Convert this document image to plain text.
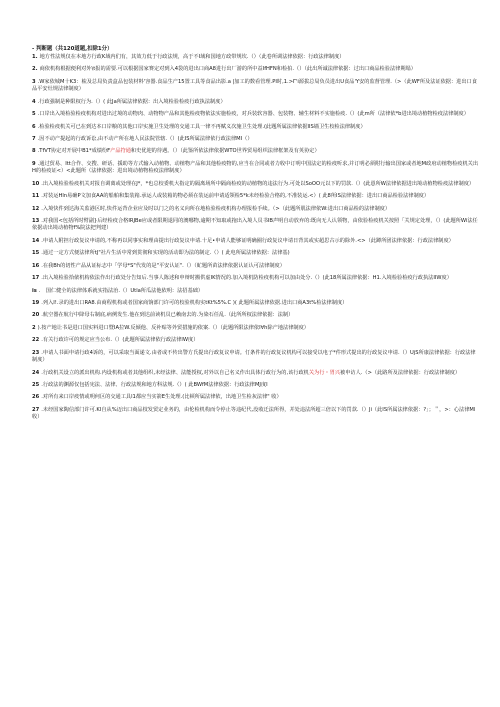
- 判断题（共120道题,扣除1分）
1. 地方性法规仅在本地方行政K域内们有，其效力低于行政法规，高于不I域和国地方政带规坎.（）（此卷所调法律依据：行政法律制度）
2. 商依机构根据便利对外\t报的需要.可以根据国家赛定对到入4袋的进出口商A8进行出厂游的所中益IfHFN和检拍.（）（此出所诚法律依据：过出口商品检验法律期塌）
3 .W家依城M十K3：梳及总局负责盒品包装材料'容器.食品生产15置工具等食品出影.a |加工的数看管理.PI时,1.>Γ'i源拔总局负员进出U食品'Y安的监督管理.（>（此WF所及法证依据：进出口食品平安灶规法律制度）
4 .行政强制是种限权行为.（）( 此Ja所属法律依据：出入境检验检疫行政执法制度）
5 .口岸出入境检验检疫机构对进出过境的动物肉、动物物产品和其他检疫物依法实施检疫，对兵装软容器、包装物、辅生材料不实施检疫.（）(此m所（法律依*b进出境动植物检疫法律制度）
6 .检验检疫机关可已在到达本口岸粮的其他口岸实施卫生处理的交通工具一律不再赋义次施卫生处理.(此题所属法律依据lIS墙卫生校检法律制度）
7 .因不动产提起的行政诉讼,由不动产所在地人民法院管辖.（）(此IS所属法律依行政法律MI（）
8 .TfVT协定对开展中B1*成绩纷F产品符通和史优迎的待遇。（）（此鉴所依法律依据WTO世界贸易组织法律框架及有英协定）
9 .通过贸易、Itt合作、交搜、研话、援助等方式输入动植物、动植物产品和其他检疫物的,应当在合同或者力收中订明中国法定的检疫听求,并订明必须附行输出国家或者地M政府动植物检疫机关出H的检疫证<）<此题所（法律依据：进出境动植物检疫法律制度）
10 .出入境检验检疫机关对报自调离或处理在J*，*也总校委机大指定的隔离场所中隔商检疫的动植物的违法行为.可处以SoOO元以下的罚款.（）(此恿所W法律依据进出境动植物检疫法律制度）
11 .对装运Hln易确P文加食AA的船舶和集装箱.承运人或装箱的物必须在装运前申请适领检5*k未经检验合格的,不准装运.<）( 此8所IS法律依据：进出口商品检验法律制度）
12 .入境快件到达海关监港区时,快件运背企业应及时以门之的名义向所在地检验检疫机构办理报检手续。（>（此题所肌法律依W:进出口商品检的法律制度）
13 .对我国<包括所时臂副}后经检疫合格IRJBe应或者限期退同的澳哪物,逾期不知取或拖出入境人员书IB声明自动放弃的:既向无人认领物，由依验检疫机关按照「关规定处理，（）(此题所Wi法任依据动出境动植物f%院法把判建）
14 .申请人附担行政复议申请的,不称再以同事实和理由提出行政复议申请.十足•申请人能够证明确圈行政复议申请日背其或实超思古示的除外.<>（此蹲所团法律依据：行政法律制度）
15 .通过一定方式便法律所tJ"社片生活中常到贯彻和实现的活动即为法的制定.（）( 此电所属法律依据：法律基)
16 .在我Bh的切性产品从证标志中「学母*S"代发的是"平安认证".（）（虻题所苗法律依据认证认可法律制度）
17 .出入境检验拾俵机构依法作出行政处分告知后.当事人陈述和申辩时搬供虚IK情况的.加入境机防检疫机构可以加由处分.（）(此18所属法律依据：H1.入境检验检疫行政执法IIW度）
is .　国仁健全的法律体系就实指法治.（）Utla所瓜法他依明：法招基础）
19 .列入I!.录的进出口RA8.由商程机构或者国家商饷部门许可的校验机构实tKt%5%.C )( 此题所属法律依据.进出口商A3t%检法律制度）
20 .航空器在航行中降母右制底,病例发生.他在到达前读机员已赖南去的.为染石任乱.（此所所权法律依据：法制）
2 ).按产地让书是进口国实料进口暨IA拉W.反倾他、反补贴等外贸措施的依案.（）（此题所限法律依I∀h除产地法律制度）
22 .有关行政许可的规定应当公布.（）(此题所属法律依行政法律lW度）
23 .申请人书面申请行政4诉的，可以采取当面递文.由者或不传出警方氏提出行政复议申请。仃条件的行政复议机构可以接受以电子*件形式提出的行政复议申请.（）UjS所康法律依据：行政法律制度）
24 .行政机关设立的派出机构.内设机构或者其他组织,未经法律、法能授权,对外以自己名义作出具体行政行为的,该行政机关为行・胃兴被申访人.（>（此路所及法律依据：行政法律制度）
25 .行政法的渊源仅包括宪法、法律、行政法规和地方科法规.（）( 此BWfM法律依据：行政法律MJ度I
26 .对所有来口岸疫情或明何区的交通工具l1都应当实箭E生处理.(比顿所属法律依，出地卫生检灰法律" 收）
27 .未经国家陶信部门许可.KI自从%迈出口商品枝发贸定业务的，由伦检机构而令停止等违纪代,没收迁法所得，并处违法所超三倍以下的罚款.（）Ji（此IS所属法律依据：?」；＂，>：心法律Ml收）
